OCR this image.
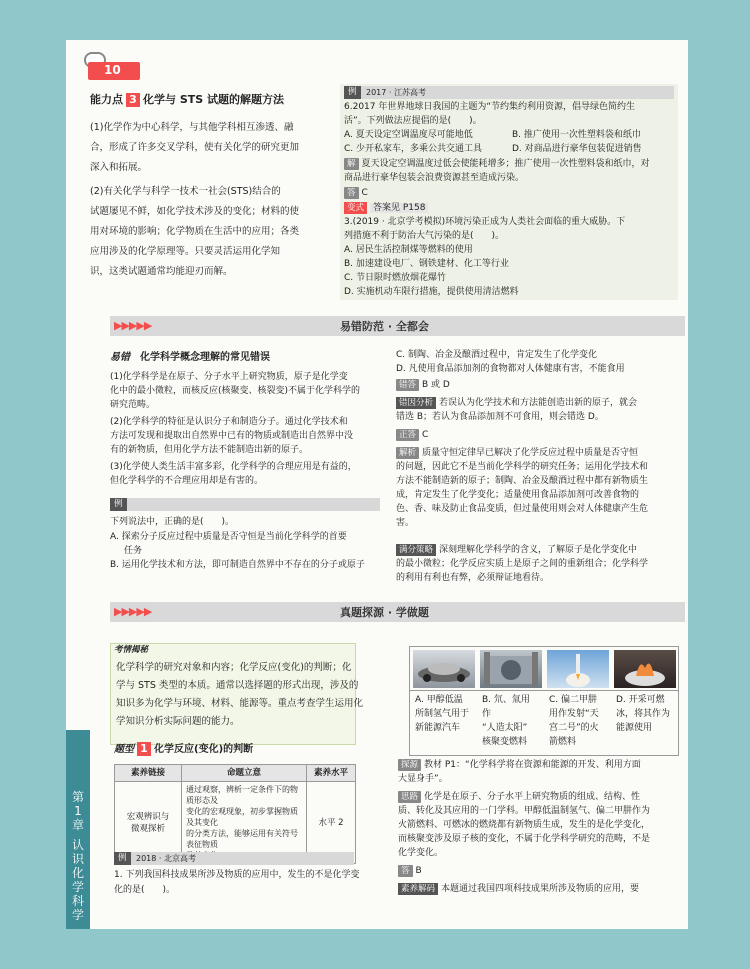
10
能力点 3 化学与 STS 试题的解题方法
(1)化学作为中心科学，与其他学科相互渗透、融
合，形成了许多交叉学科，使有关化学的研究更加
深入和拓展。
(2)有关化学与科学一技术一社会(STS)结合的
试题屡见不鲜，如化学技术涉及的变化；材料的使
用对环境的影响；化学物质在生活中的应用；各类
应用涉及的化学原理等。只要灵活运用化学知
识，这类试题通常均能迎刃而解。
例	2017 · 江苏高考
6.2017 年世界地球日我国的主题为“节约集约利用资源，倡导绿色简约生
活”。下列做法应提倡的是(　　)。
A. 夏天设定空调温度尽可能地低	B. 推广使用一次性塑料袋和纸巾
C. 少开私家车，多乘公共交通工具	D. 对商品进行豪华包装促进销售
解 夏天设定空调温度过低会使能耗增多；推广使用一次性塑料袋和纸巾，对
商品进行豪华包装会浪费资源甚至造成污染。
答 C
变式 答案见 P158
3.(2019 · 北京学考模拟)环境污染正成为人类社会面临的重大威胁。下
列措施不利于防治大气污染的是(　　)。
A. 居民生活控制煤等燃料的使用
B. 加速建设电厂、钢铁建材、化工等行业
C. 节日限时燃放烟花爆竹
D. 实施机动车限行措施，提供使用清洁燃料
▶▶▶▶▶	易错防范 · 全都会
易错　 化学科学概念理解的常见错误
(1)化学科学是在原子、分子水平上研究物质，原子是化学变
化中的最小微粒，而核反应(核聚变、核裂变)不属于化学科学的
研究范畴。
(2)化学科学的特征是认识分子和制造分子。通过化学技术和
方法可发现和提取出自然界中已有的物质或制造出自然界中没
有的新物质，但用化学方法不能制造出新的原子。
(3)化学使人类生活丰富多彩，化学科学的合理应用是有益的，
但化学科学的不合理应用却是有害的。
例
下列说法中，正确的是(　　)。
A. 探索分子反应过程中质量是否守恒是当前化学科学的首要
任务
B. 运用化学技术和方法，即可制造自然界中不存在的分子或原子
C. 制陶、冶金及酿酒过程中，肯定发生了化学变化
D. 凡使用食品添加剂的食物都对人体健康有害，不能食用
错答 B 或 D
错因分析 若误认为化学技术和方法能创造出新的原子，就会
错选 B；若认为食品添加剂不可食用，则会错选 D。
正答 C
解析 质量守恒定律早已解决了化学反应过程中质量是否守恒
的问题，因此它不是当前化学科学的研究任务；运用化学技术和
方法不能制造新的原子；制陶、冶金及酿酒过程中都有新物质生
成，肯定发生了化学变化；适量使用食品添加剂可改善食物的
色、香、味及防止食品变质，但过量使用则会对人体健康产生危
害。
满分策略 深刻理解化学科学的含义，了解原子是化学变化中
的最小微粒；化学反应实质上是原子之间的重新组合；化学科学
的利用有利也有弊，必须辩证地看待。
▶▶▶▶▶	真题探源 · 学做题
考情揭秘
化学科学的研究对象和内容；化学反应(变化)的判断；化
学与 STS 类型的本质。通常以选择题的形式出现，涉及的
知识多为化学与环境、材料、能源等。重点考查学生运用化
学知识分析实际问题的能力。
题型 1 化学反应(变化)的判断
素养链接	命题立意	素养水平
宏观辨识与
微观探析	通过观察，辨析一定条件下的物质形态及
变化的宏观现象，初步掌握物质及其变化
的分类方法，能够运用有关符号表征物质	水平 2
例	2018 · 北京高考
1. 下列我国科技成果所涉及物质的应用中，发生的不是化学变
化的是(　　)。
A. 甲醇低温
所制氢气用于
新能源汽车
B. 氘、氚用作
“人造太阳”
核聚变燃料
C. 偏二甲肼
用作发射“天
宫二号”的火
箭燃料
D. 开采可燃
冰，将其作为
能源使用
探源 教材 P1：“化学科学将在资源和能源的开发、利用方面
大显身手”。
思路 化学是在原子、分子水平上研究物质的组成、结构、性
质、转化及其应用的一门学科。甲醇低温制氢气、偏二甲肼作为
火箭燃料、可燃冰的燃烧都有新物质生成，发生的是化学变化，
而核聚变涉及原子核的变化，不属于化学科学研究的范畴，不是
化学变化。
答 B
素养解码 本题通过我国四项科技成果所涉及物质的应用，要
第
1
章
认
识
化
学
科
学
